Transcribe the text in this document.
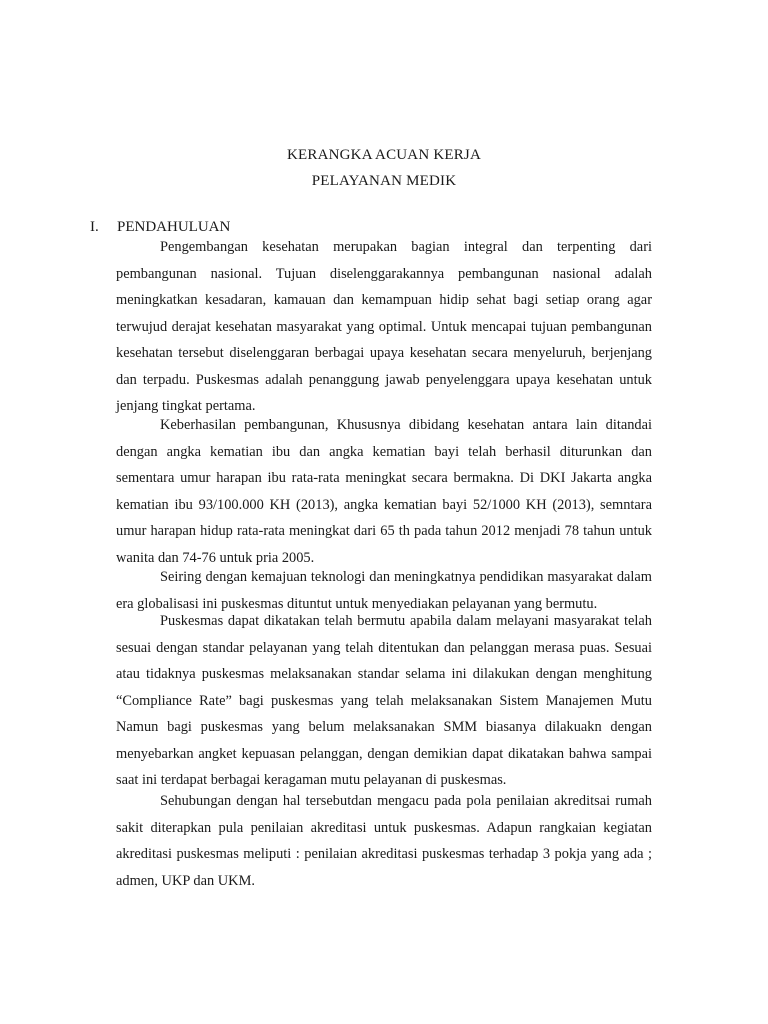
KERANGKA ACUAN KERJA
PELAYANAN MEDIK
I. PENDAHULUAN

Pengembangan kesehatan merupakan bagian integral dan terpenting dari pembangunan nasional. Tujuan diselenggarakannya pembangunan nasional adalah meningkatkan kesadaran, kamauan dan kemampuan hidip sehat bagi setiap orang agar terwujud derajat kesehatan masyarakat yang optimal. Untuk mencapai tujuan pembangunan kesehatan tersebut diselenggaran berbagai upaya kesehatan secara menyeluruh, berjenjang dan terpadu. Puskesmas adalah penanggung jawab penyelenggara upaya kesehatan untuk jenjang tingkat pertama.

Keberhasilan pembangunan, Khususnya dibidang kesehatan antara lain ditandai dengan angka kematian ibu dan angka kematian bayi telah berhasil diturunkan dan sementara umur harapan ibu rata-rata meningkat secara bermakna. Di DKI Jakarta angka kematian ibu 93/100.000 KH (2013), angka kematian bayi 52/1000 KH (2013), semntara umur harapan hidup rata-rata meningkat dari 65 th pada tahun 2012 menjadi 78 tahun untuk wanita dan 74-76 untuk pria 2005.

Seiring dengan kemajuan teknologi dan meningkatnya pendidikan masyarakat dalam era globalisasi ini puskesmas dituntut untuk menyediakan pelayanan yang bermutu.

Puskesmas dapat dikatakan telah bermutu apabila dalam melayani masyarakat telah sesuai dengan standar pelayanan yang telah ditentukan dan pelanggan merasa puas. Sesuai atau tidaknya puskesmas melaksanakan standar selama ini dilakukan dengan menghitung “Compliance Rate” bagi puskesmas yang telah melaksanakan Sistem Manajemen Mutu Namun bagi puskesmas yang belum melaksanakan SMM biasanya dilakuakn dengan menyebarkan angket kepuasan pelanggan, dengan demikian dapat dikatakan bahwa sampai saat ini terdapat berbagai keragaman mutu pelayanan di puskesmas.

Sehubungan dengan hal tersebutdan mengacu pada pola penilaian akreditsai rumah sakit diterapkan pula penilaian akreditasi untuk puskesmas. Adapun rangkaian kegiatan akreditasi puskesmas meliputi : penilaian akreditasi puskesmas terhadap 3 pokja yang ada ; admen, UKP dan UKM.
